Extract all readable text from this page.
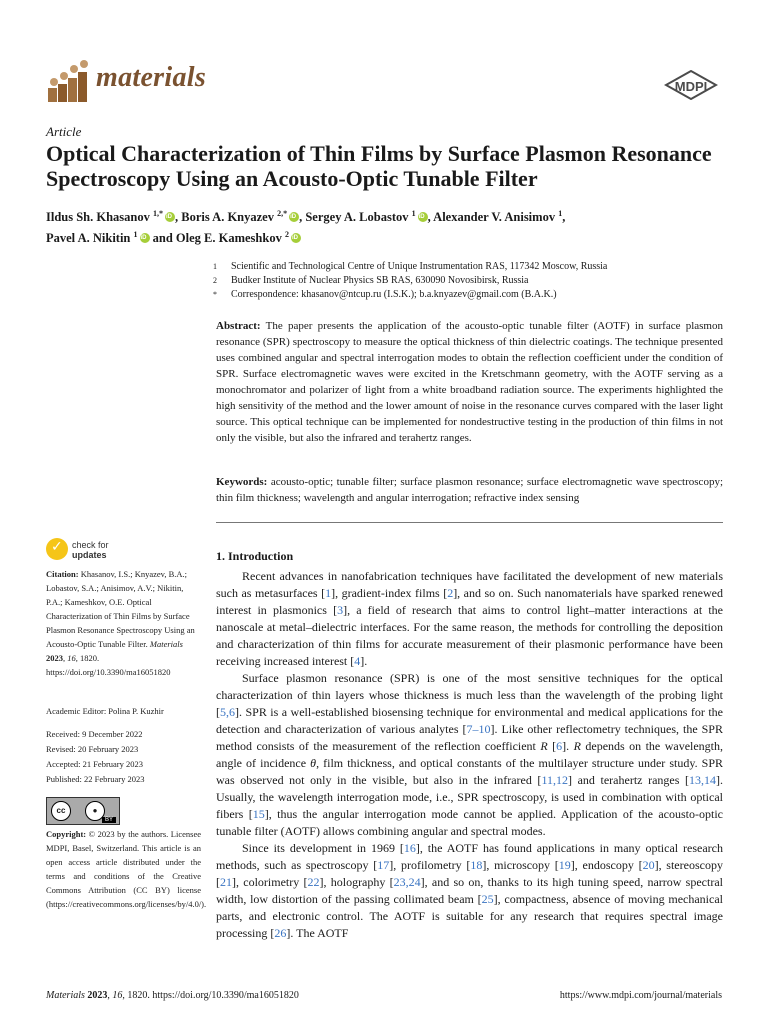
materials	MDPI
Article
Optical Characterization of Thin Films by Surface Plasmon Resonance Spectroscopy Using an Acousto-Optic Tunable Filter
Ildus Sh. Khasanov $^{1,*}$ iD , Boris A. Knyazev $^{2,*}$ iD , Sergey A. Lobastov $^1$ iD , Alexander V. Anisimov $^1$,
Pavel A. Nikitin $^1$iD and Oleg E. Kameshkov $^2$iD
1	Scientific and Technological Centre of Unique Instrumentation RAS, 117342 Moscow, Russia
2	Budker Institute of Nuclear Physics SB RAS, 630090 Novosibirsk, Russia
*	Correspondence: khasanov@ntcup.ru (I.S.K.); b.a.knyazev@gmail.com (B.A.K.)
Abstract: The paper presents the application of the acousto-optic tunable filter (AOTF) in surface plasmon resonance (SPR) spectroscopy to measure the optical thickness of thin dielectric coatings. The technique presented uses combined angular and spectral interrogation modes to obtain the reflection coefficient under the condition of SPR. Surface electromagnetic waves were excited in the Kretschmann geometry, with the AOTF serving as a monochromator and polarizer of light from a white broadband radiation source. The experiments highlighted the high sensitivity of the method and the lower amount of noise in the resonance curves compared with the laser light source. This optical technique can be implemented for nondestructive testing in the production of thin films in not only the visible, but also the infrared and terahertz ranges.
Keywords: acousto-optic; tunable filter; surface plasmon resonance; surface electromagnetic wave spectroscopy; thin film thickness; wavelength and angular interrogation; refractive index sensing
✓
check for
updates
Citation: Khasanov, I.S.; Knyazev, B.A.; Lobastov, S.A.; Anisimov, A.V.; Nikitin, P.A.; Kameshkov, O.E. Optical Characterization of Thin Films by Surface Plasmon Resonance Spectroscopy Using an Acousto-Optic Tunable Filter. Materials 2023, 16, 1820. https://doi.org/10.3390/ma16051820
Academic Editor: Polina P. Kuzhir
Received: 9 December 2022
Revised: 20 February 2023
Accepted: 21 February 2023
Published: 22 February 2023
cc	●
BY
Copyright: © 2023 by the authors. Licensee MDPI, Basel, Switzerland. This article is an open access article distributed under the terms and conditions of the Creative Commons Attribution (CC BY) license (https://creativecommons.org/licenses/by/4.0/).
1. Introduction

Recent advances in nanofabrication techniques have facilitated the development of new materials such as metasurfaces [1], gradient-index films [2], and so on. Such nanomaterials have sparked renewed interest in plasmonics [3], a field of research that aims to control light–matter interactions at the nanoscale at metal–dielectric interfaces. For the same reason, the methods for controlling the deposition and characterization of thin films for accurate measurement of their plasmonic performance have been receiving increased interest [4].

Surface plasmon resonance (SPR) is one of the most sensitive techniques for the optical characterization of thin layers whose thickness is much less than the wavelength of the probing light [5,6]. SPR is a well-established biosensing technique for environmental and medical applications for the detection and characterization of various analytes [7–10]. Like other reflectometry techniques, the SPR method consists of the measurement of the reflection coefficient R [6]. R depends on the wavelength, angle of incidence θ, film thickness, and optical constants of the multilayer structure under study. SPR was observed not only in the visible, but also in the infrared [11,12] and terahertz ranges [13,14]. Usually, the wavelength interrogation mode, i.e., SPR spectroscopy, is used in combination with optical fibers [15], thus the angular interrogation mode cannot be applied. Application of the acousto-optic tunable filter (AOTF) allows combining angular and spectral modes.

Since its development in 1969 [16], the AOTF has found applications in many optical research methods, such as spectroscopy [17], profilometry [18], microscopy [19], endoscopy [20], stereoscopy [21], colorimetry [22], holography [23,24], and so on, thanks to its high tuning speed, narrow spectral width, low distortion of the passing collimated beam [25], compactness, absence of moving mechanical parts, and electronic control. The AOTF is suitable for any research that requires spectral image processing [26]. The AOTF

Materials 2023, 16, 1820. https://doi.org/10.3390/ma16051820	https://www.mdpi.com/journal/materials
